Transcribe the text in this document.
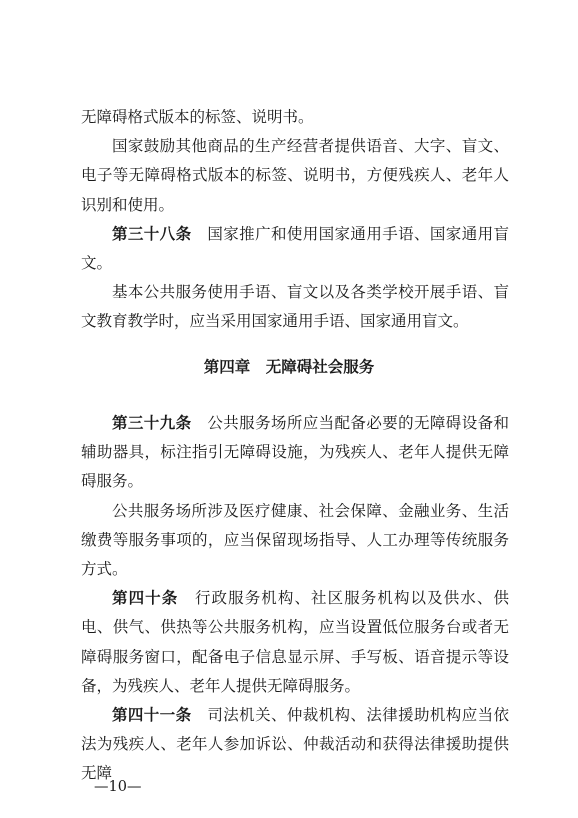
无障碍格式版本的标签、说明书。

国家鼓励其他商品的生产经营者提供语音、大字、盲文、电子等无障碍格式版本的标签、说明书，方便残疾人、老年人识别和使用。

第三十八条　 国家推广和使用国家通用手语、国家通用盲文。

基本公共服务使用手语、盲文以及各类学校开展手语、盲文教育教学时，应当采用国家通用手语、国家通用盲文。

第四章　无障碍社会服务

第三十九条　 公共服务场所应当配备必要的无障碍设备和辅助器具，标注指引无障碍设施，为残疾人、老年人提供无障碍服务。

公共服务场所涉及医疗健康、社会保障、金融业务、生活缴费等服务事项的，应当保留现场指导、人工办理等传统服务方式。

第四十条　 行政服务机构、社区服务机构以及供水、供电、供气、供热等公共服务机构，应当设置低位服务台或者无障碍服务窗口，配备电子信息显示屏、手写板、语音提示等设备，为残疾人、老年人提供无障碍服务。

第四十一条　 司法机关、仲裁机构、法律援助机构应当依法为残疾人、老年人参加诉讼、仲裁活动和获得法律援助提供无障

—10—
